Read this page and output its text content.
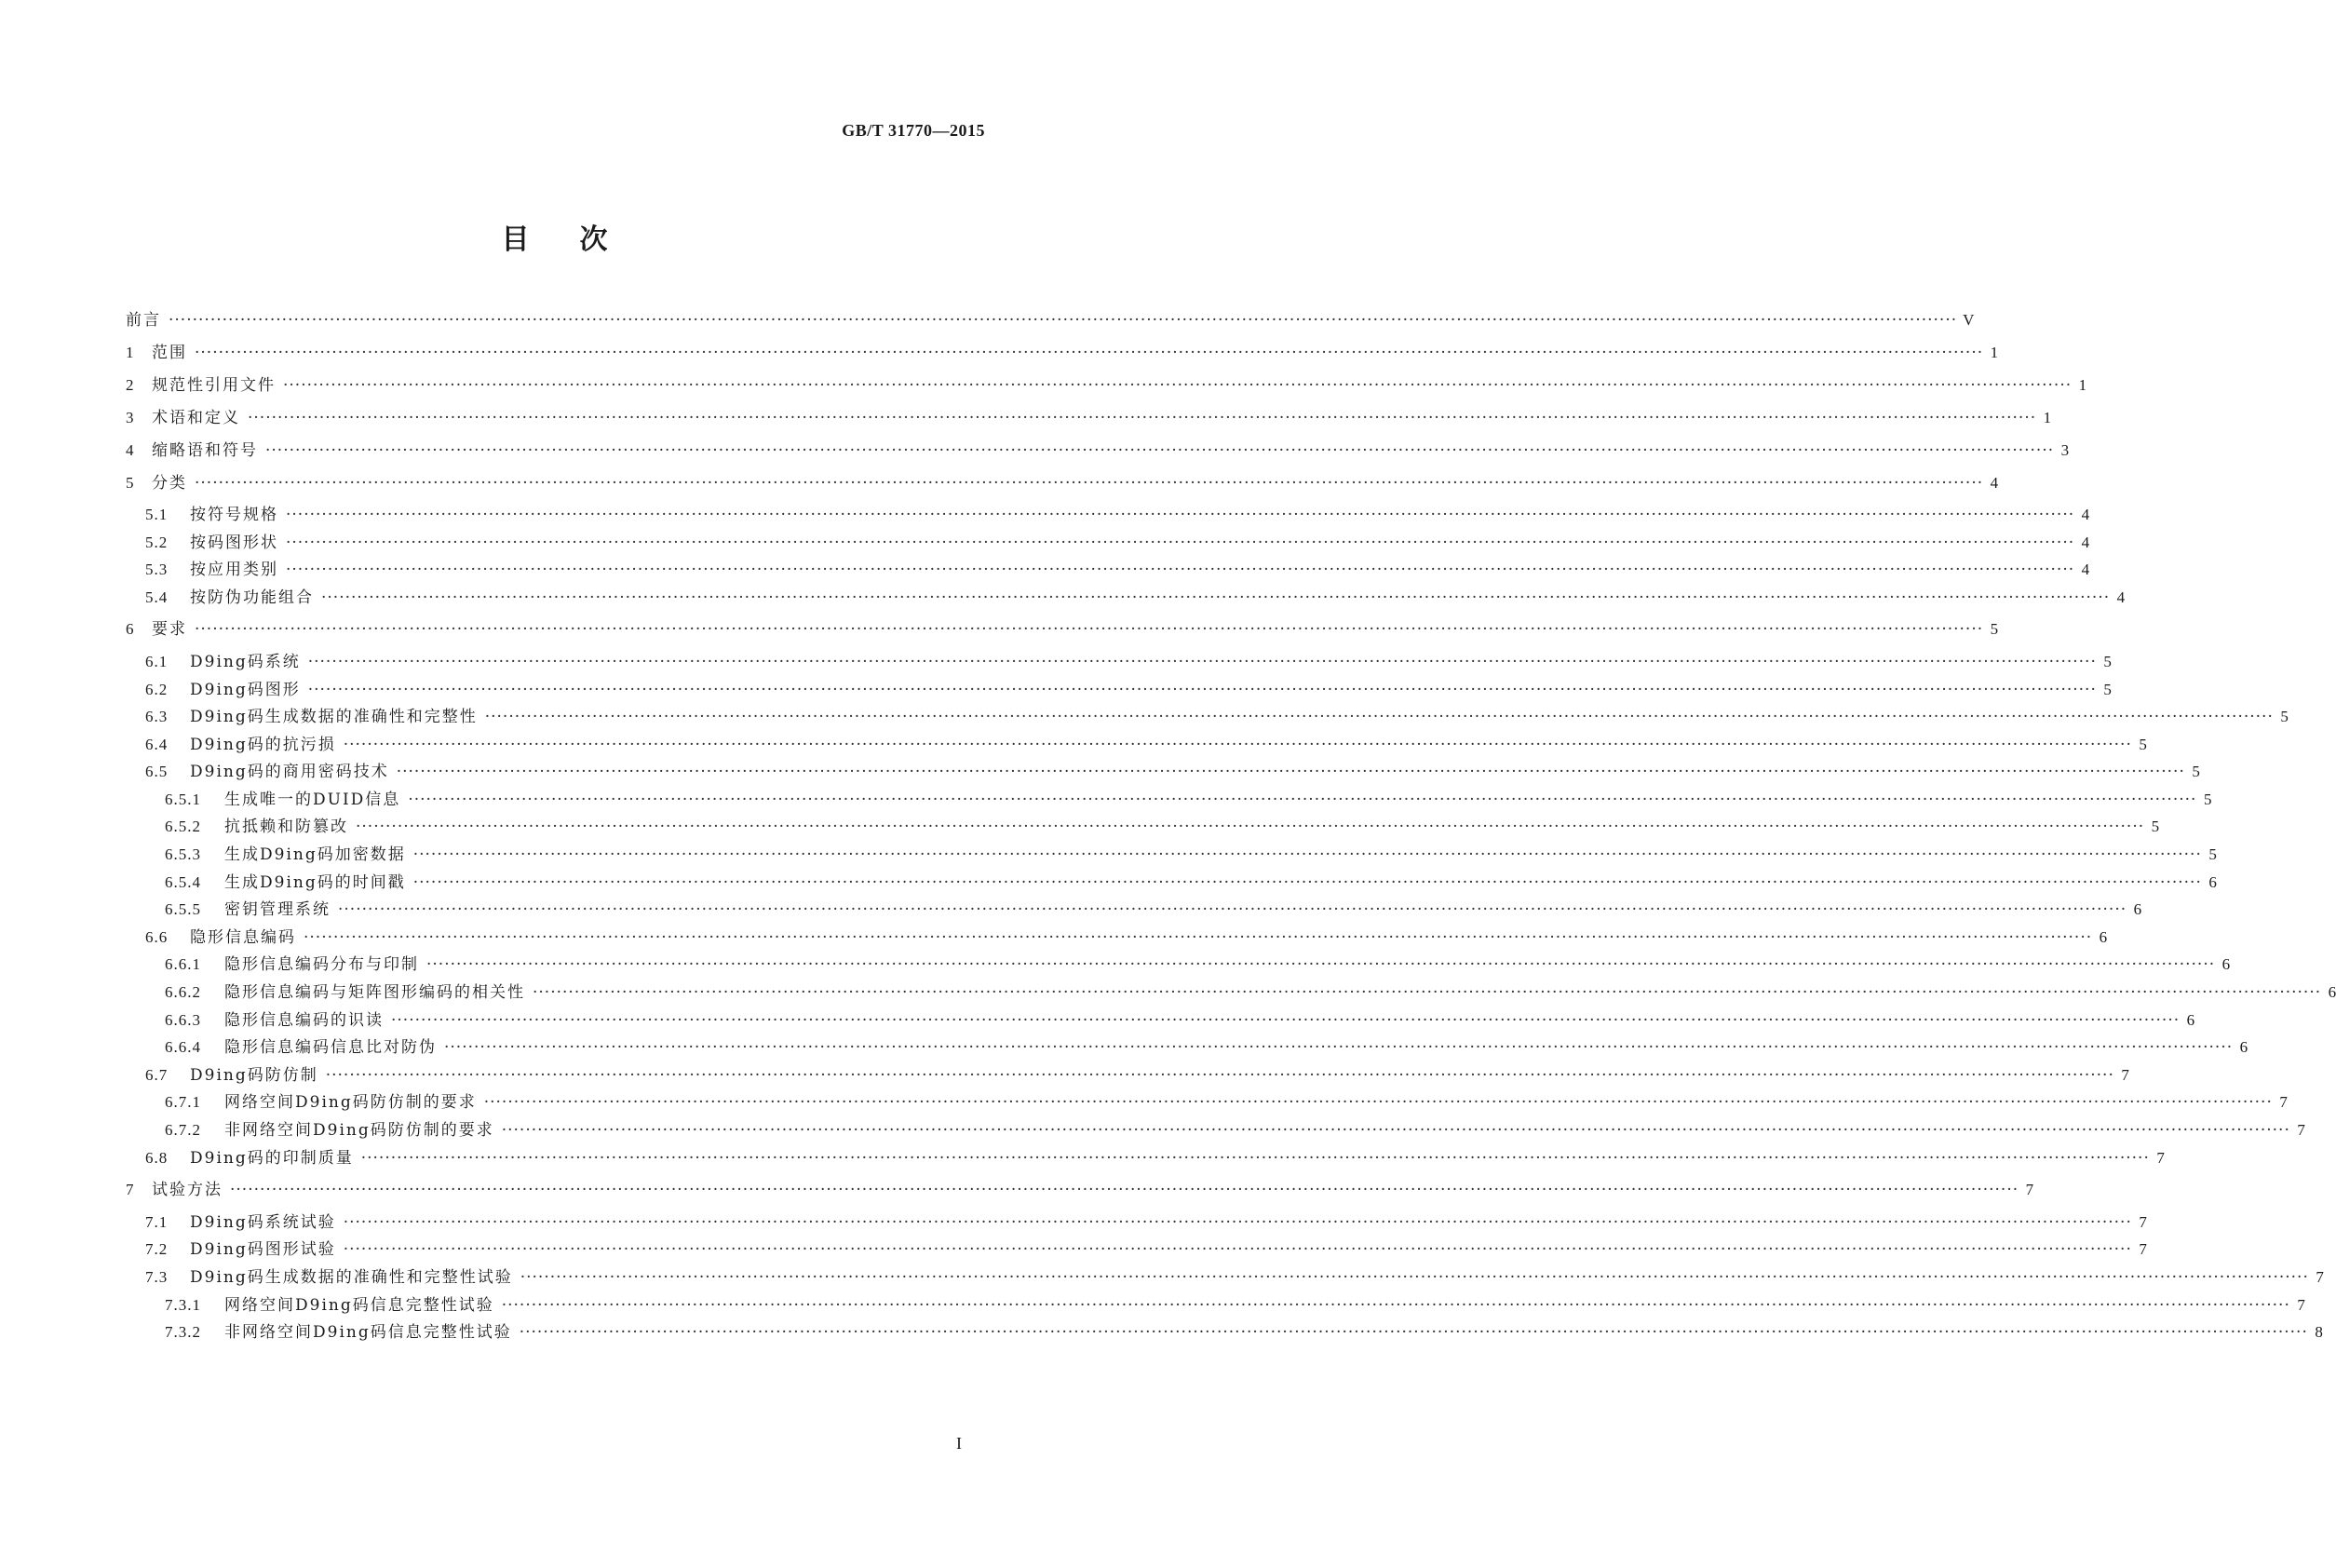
GB/T 31770—2015
目次
前言 ············································································································································································································································································································ V
1	范围 ············································································································································································································································································································ 1
2	规范性引用文件 ············································································································································································································································································································ 1
3	术语和定义 ············································································································································································································································································································ 1
4	缩略语和符号 ············································································································································································································································································································ 3
5	分类 ············································································································································································································································································································ 4
5.1	按符号规格 ············································································································································································································································································································ 4
5.2	按码图形状 ············································································································································································································································································································ 4
5.3	按应用类别 ············································································································································································································································································································ 4
5.4	按防伪功能组合 ············································································································································································································································································································ 4
6	要求 ············································································································································································································································································································ 5
6.1	D9ing码系统 ············································································································································································································································································································ 5
6.2	D9ing码图形 ············································································································································································································································································································ 5
6.3	D9ing码生成数据的准确性和完整性 ············································································································································································································································································································ 5
6.4	D9ing码的抗污损 ············································································································································································································································································································ 5
6.5	D9ing码的商用密码技术 ············································································································································································································································································································ 5
6.5.1	生成唯一的DUID信息 ············································································································································································································································································································ 5
6.5.2	抗抵赖和防篡改 ············································································································································································································································································································ 5
6.5.3	生成D9ing码加密数据 ············································································································································································································································································································ 5
6.5.4	生成D9ing码的时间戳 ············································································································································································································································································································ 6
6.5.5	密钥管理系统 ············································································································································································································································································································ 6
6.6	隐形信息编码 ············································································································································································································································································································ 6
6.6.1	隐形信息编码分布与印制 ············································································································································································································································································································ 6
6.6.2	隐形信息编码与矩阵图形编码的相关性 ············································································································································································································································································································ 6
6.6.3	隐形信息编码的识读 ············································································································································································································································································································ 6
6.6.4	隐形信息编码信息比对防伪 ············································································································································································································································································································ 6
6.7	D9ing码防仿制 ············································································································································································································································································································ 7
6.7.1	网络空间D9ing码防仿制的要求 ············································································································································································································································································································ 7
6.7.2	非网络空间D9ing码防仿制的要求 ············································································································································································································································································································ 7
6.8	D9ing码的印制质量 ············································································································································································································································································································ 7
7	试验方法 ············································································································································································································································································································ 7
7.1	D9ing码系统试验 ············································································································································································································································································································ 7
7.2	D9ing码图形试验 ············································································································································································································································································································ 7
7.3	D9ing码生成数据的准确性和完整性试验 ············································································································································································································································································································ 7
7.3.1	网络空间D9ing码信息完整性试验 ············································································································································································································································································································ 7
7.3.2	非网络空间D9ing码信息完整性试验 ············································································································································································································································································································ 8
I
